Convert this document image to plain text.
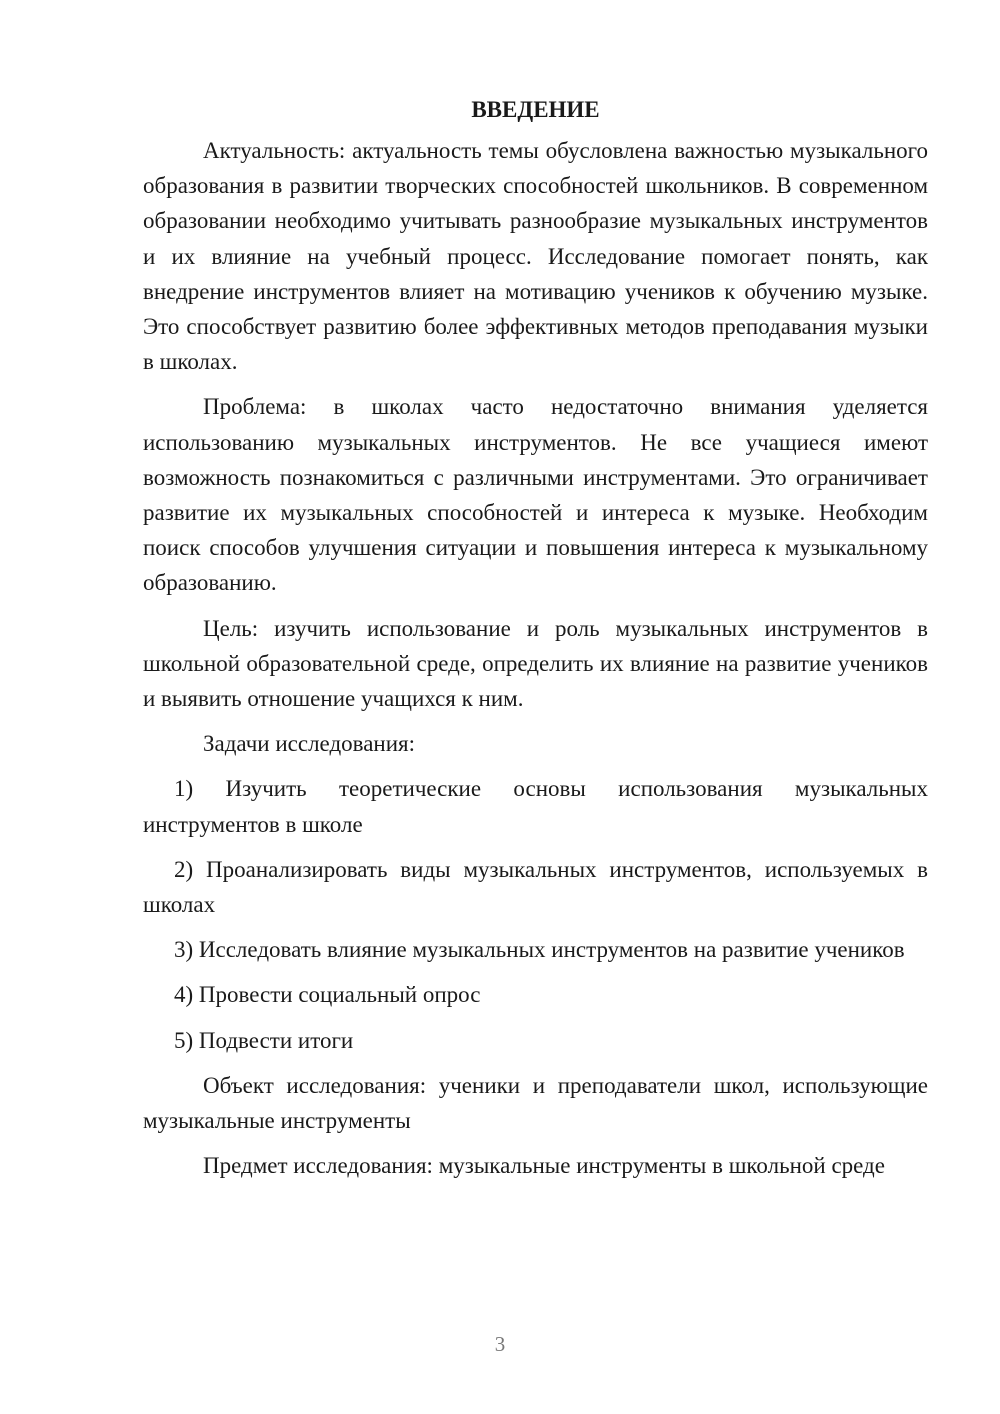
ВВЕДЕНИЕ

Актуальность: актуальность темы обусловлена важностью музыкального образования в развитии творческих способностей школьников. В современном образовании необходимо учитывать разнообразие музыкальных инструментов и их влияние на учебный процесс. Исследование помогает понять, как внедрение инструментов влияет на мотивацию учеников к обучению музыке. Это способствует развитию более эффективных методов преподавания музыки в школах.

Проблема: в школах часто недостаточно внимания уделяется использованию музыкальных инструментов. Не все учащиеся имеют возможность познакомиться с различными инструментами. Это ограничивает развитие их музыкальных способностей и интереса к музыке. Необходим поиск способов улучшения ситуации и повышения интереса к музыкальному образованию.

Цель: изучить использование и роль музыкальных инструментов в школьной образовательной среде, определить их влияние на развитие учеников и выявить отношение учащихся к ним.

Задачи исследования:

1) Изучить теоретические основы использования музыкальных инструментов в школе

2) Проанализировать виды музыкальных инструментов, используемых в школах

3) Исследовать влияние музыкальных инструментов на развитие учеников

4) Провести социальный опрос

5) Подвести итоги

Объект исследования: ученики и преподаватели школ, использующие музыкальные инструменты

Предмет исследования: музыкальные инструменты в школьной среде

3
